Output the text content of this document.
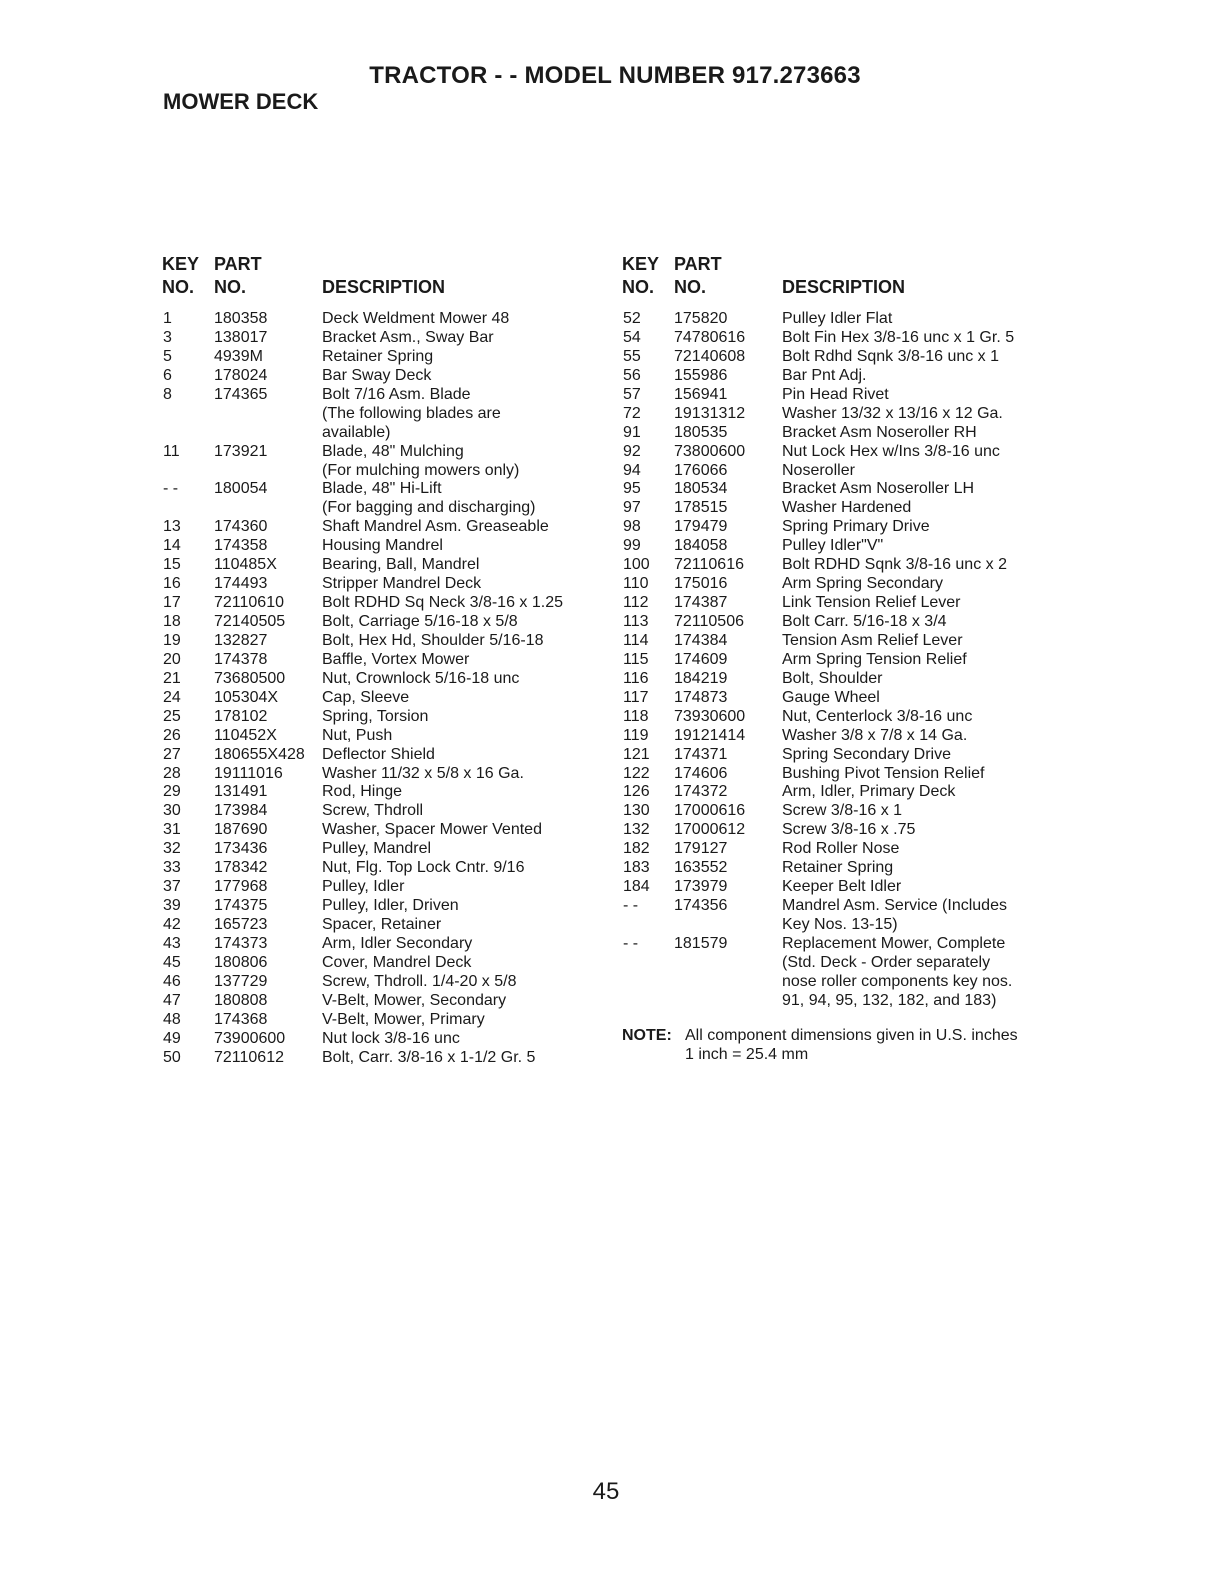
TRACTOR - - MODEL NUMBER 917.273663
MOWER DECK
KEY
NO.
PART
NO.	DESCRIPTION
1	180358	Deck Weldment Mower 48
3	138017	Bracket Asm., Sway Bar
5	4939M	Retainer Spring
6	178024	Bar Sway Deck
8	174365	Bolt 7/16 Asm. Blade
(The following blades are
available)
11 173921	Blade, 48" Mulching
(For mulching mowers only)
- - 180054	Blade, 48" Hi-Lift
(For bagging and discharging)
13 174360	Shaft Mandrel Asm. Greaseable
14 174358	Housing Mandrel
15 110485X	Bearing, Ball, Mandrel
16 174493	Stripper Mandrel Deck
17 72110610 Bolt RDHD Sq Neck 3/8-16 x 1.25
18 72140505 Bolt, Carriage 5/16-18 x 5/8
19 132827	Bolt, Hex Hd, Shoulder 5/16-18
20 174378	Baffle, Vortex Mower
21 73680500 Nut, Crownlock 5/16-18 unc
24 105304X	Cap, Sleeve
25 178102	Spring, Torsion
26 110452X	Nut, Push
27 180655X428 Deflector Shield
28 19111016 Washer 11/32 x 5/8 x 16 Ga.
29 131491	Rod, Hinge
30 173984	Screw, Thdroll
31 187690	Washer, Spacer Mower Vented
32 173436	Pulley, Mandrel
33 178342	Nut, Flg. Top Lock Cntr. 9/16
37 177968	Pulley, Idler
39 174375	Pulley, Idler, Driven
42 165723	Spacer, Retainer
43 174373	Arm, Idler Secondary
45 180806	Cover, Mandrel Deck
46 137729	Screw, Thdroll. 1/4-20 x 5/8
47 180808	V-Belt, Mower, Secondary
48 174368	V-Belt, Mower, Primary
49 73900600 Nut lock 3/8-16 unc
50 72110612 Bolt, Carr. 3/8-16 x 1-1/2 Gr. 5
KEY
NO.
PART
NO.	DESCRIPTION
52 175820	Pulley Idler Flat
54 74780616 Bolt Fin Hex 3/8-16 unc x 1 Gr. 5
55 72140608 Bolt Rdhd Sqnk 3/8-16 unc x 1
56 155986	Bar Pnt Adj.
57 156941	Pin Head Rivet
72 19131312 Washer 13/32 x 13/16 x 12 Ga.
91 180535	Bracket Asm Noseroller RH
92 73800600 Nut Lock Hex w/Ins 3/8-16 unc
94 176066	Noseroller
95 180534	Bracket Asm Noseroller LH
97 178515	Washer Hardened
98 179479	Spring Primary Drive
99 184058	Pulley Idler"V"
100 72110616 Bolt RDHD Sqnk 3/8-16 unc x 2
110 175016	Arm Spring Secondary
112 174387	Link Tension Relief Lever
113 72110506 Bolt Carr. 5/16-18 x 3/4
114 174384	Tension Asm Relief Lever
115 174609	Arm Spring Tension Relief
116 184219	Bolt, Shoulder
117 174873	Gauge Wheel
118 73930600 Nut, Centerlock 3/8-16 unc
119 19121414 Washer 3/8 x 7/8 x 14 Ga.
121 174371	Spring Secondary Drive
122 174606	Bushing Pivot Tension Relief
126 174372	Arm, Idler, Primary Deck
130 17000616 Screw 3/8-16 x 1
132 17000612 Screw 3/8-16 x .75
182 179127	Rod Roller Nose
183 163552	Retainer Spring
184 173979	Keeper Belt Idler
- - 174356	Mandrel Asm. Service (Includes
Key Nos. 13-15)
- - 181579	Replacement Mower, Complete
(Std. Deck - Order separately
nose roller components key nos.
91, 94, 95, 132, 182, and 183)
NOTE: All component dimensions given in U.S. inches
1 inch = 25.4 mm
45
